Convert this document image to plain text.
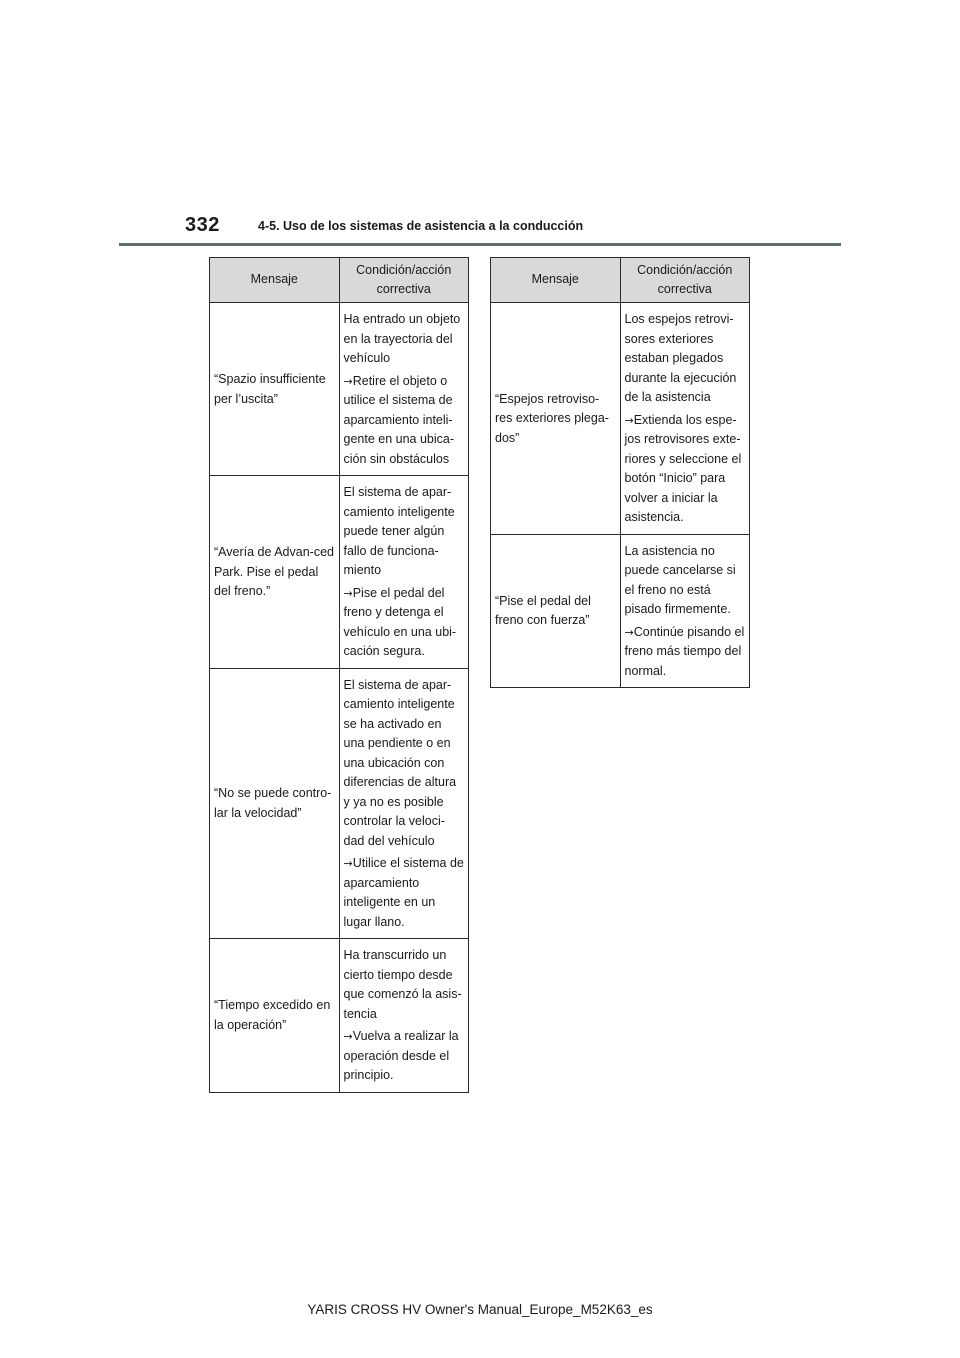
332	4-5. Uso de los sistemas de asistencia a la conducción
Mensaje	Condición/acción
correctiva
“Spazio insufficiente per l’uscita”	Ha entrado un objeto en la trayectoria del vehículo

→Retire el objeto o utilice el sistema de aparcamiento inteli-gente en una ubica-ción sin obstáculos

“Avería de Advan-ced Park. Pise el pedal del freno.”	El sistema de apar-camiento inteligente puede tener algún fallo de funciona-miento

→Pise el pedal del freno y detenga el vehículo en una ubi-cación segura.

“No se puede contro-lar la velocidad”	El sistema de apar-camiento inteligente se ha activado en una pendiente o en una ubicación con diferencias de altura y ya no es posible controlar la veloci-dad del vehículo

→Utilice el sistema de aparcamiento inteligente en un lugar llano.

“Tiempo excedido en la operación”	Ha transcurrido un cierto tiempo desde que comenzó la asis-tencia

→Vuelva a realizar la operación desde el principio.

Mensaje	Condición/acción
correctiva
“Espejos retroviso-res exteriores plega-dos”	Los espejos retrovi-sores exteriores estaban plegados durante la ejecución de la asistencia

→Extienda los espe-jos retrovisores exte-riores y seleccione el botón “Inicio” para volver a iniciar la asistencia.

“Pise el pedal del freno con fuerza”	La asistencia no puede cancelarse si el freno no está pisado firmemente.

→Continúe pisando el freno más tiempo del normal.

YARIS CROSS HV Owner's Manual_Europe_M52K63_es
